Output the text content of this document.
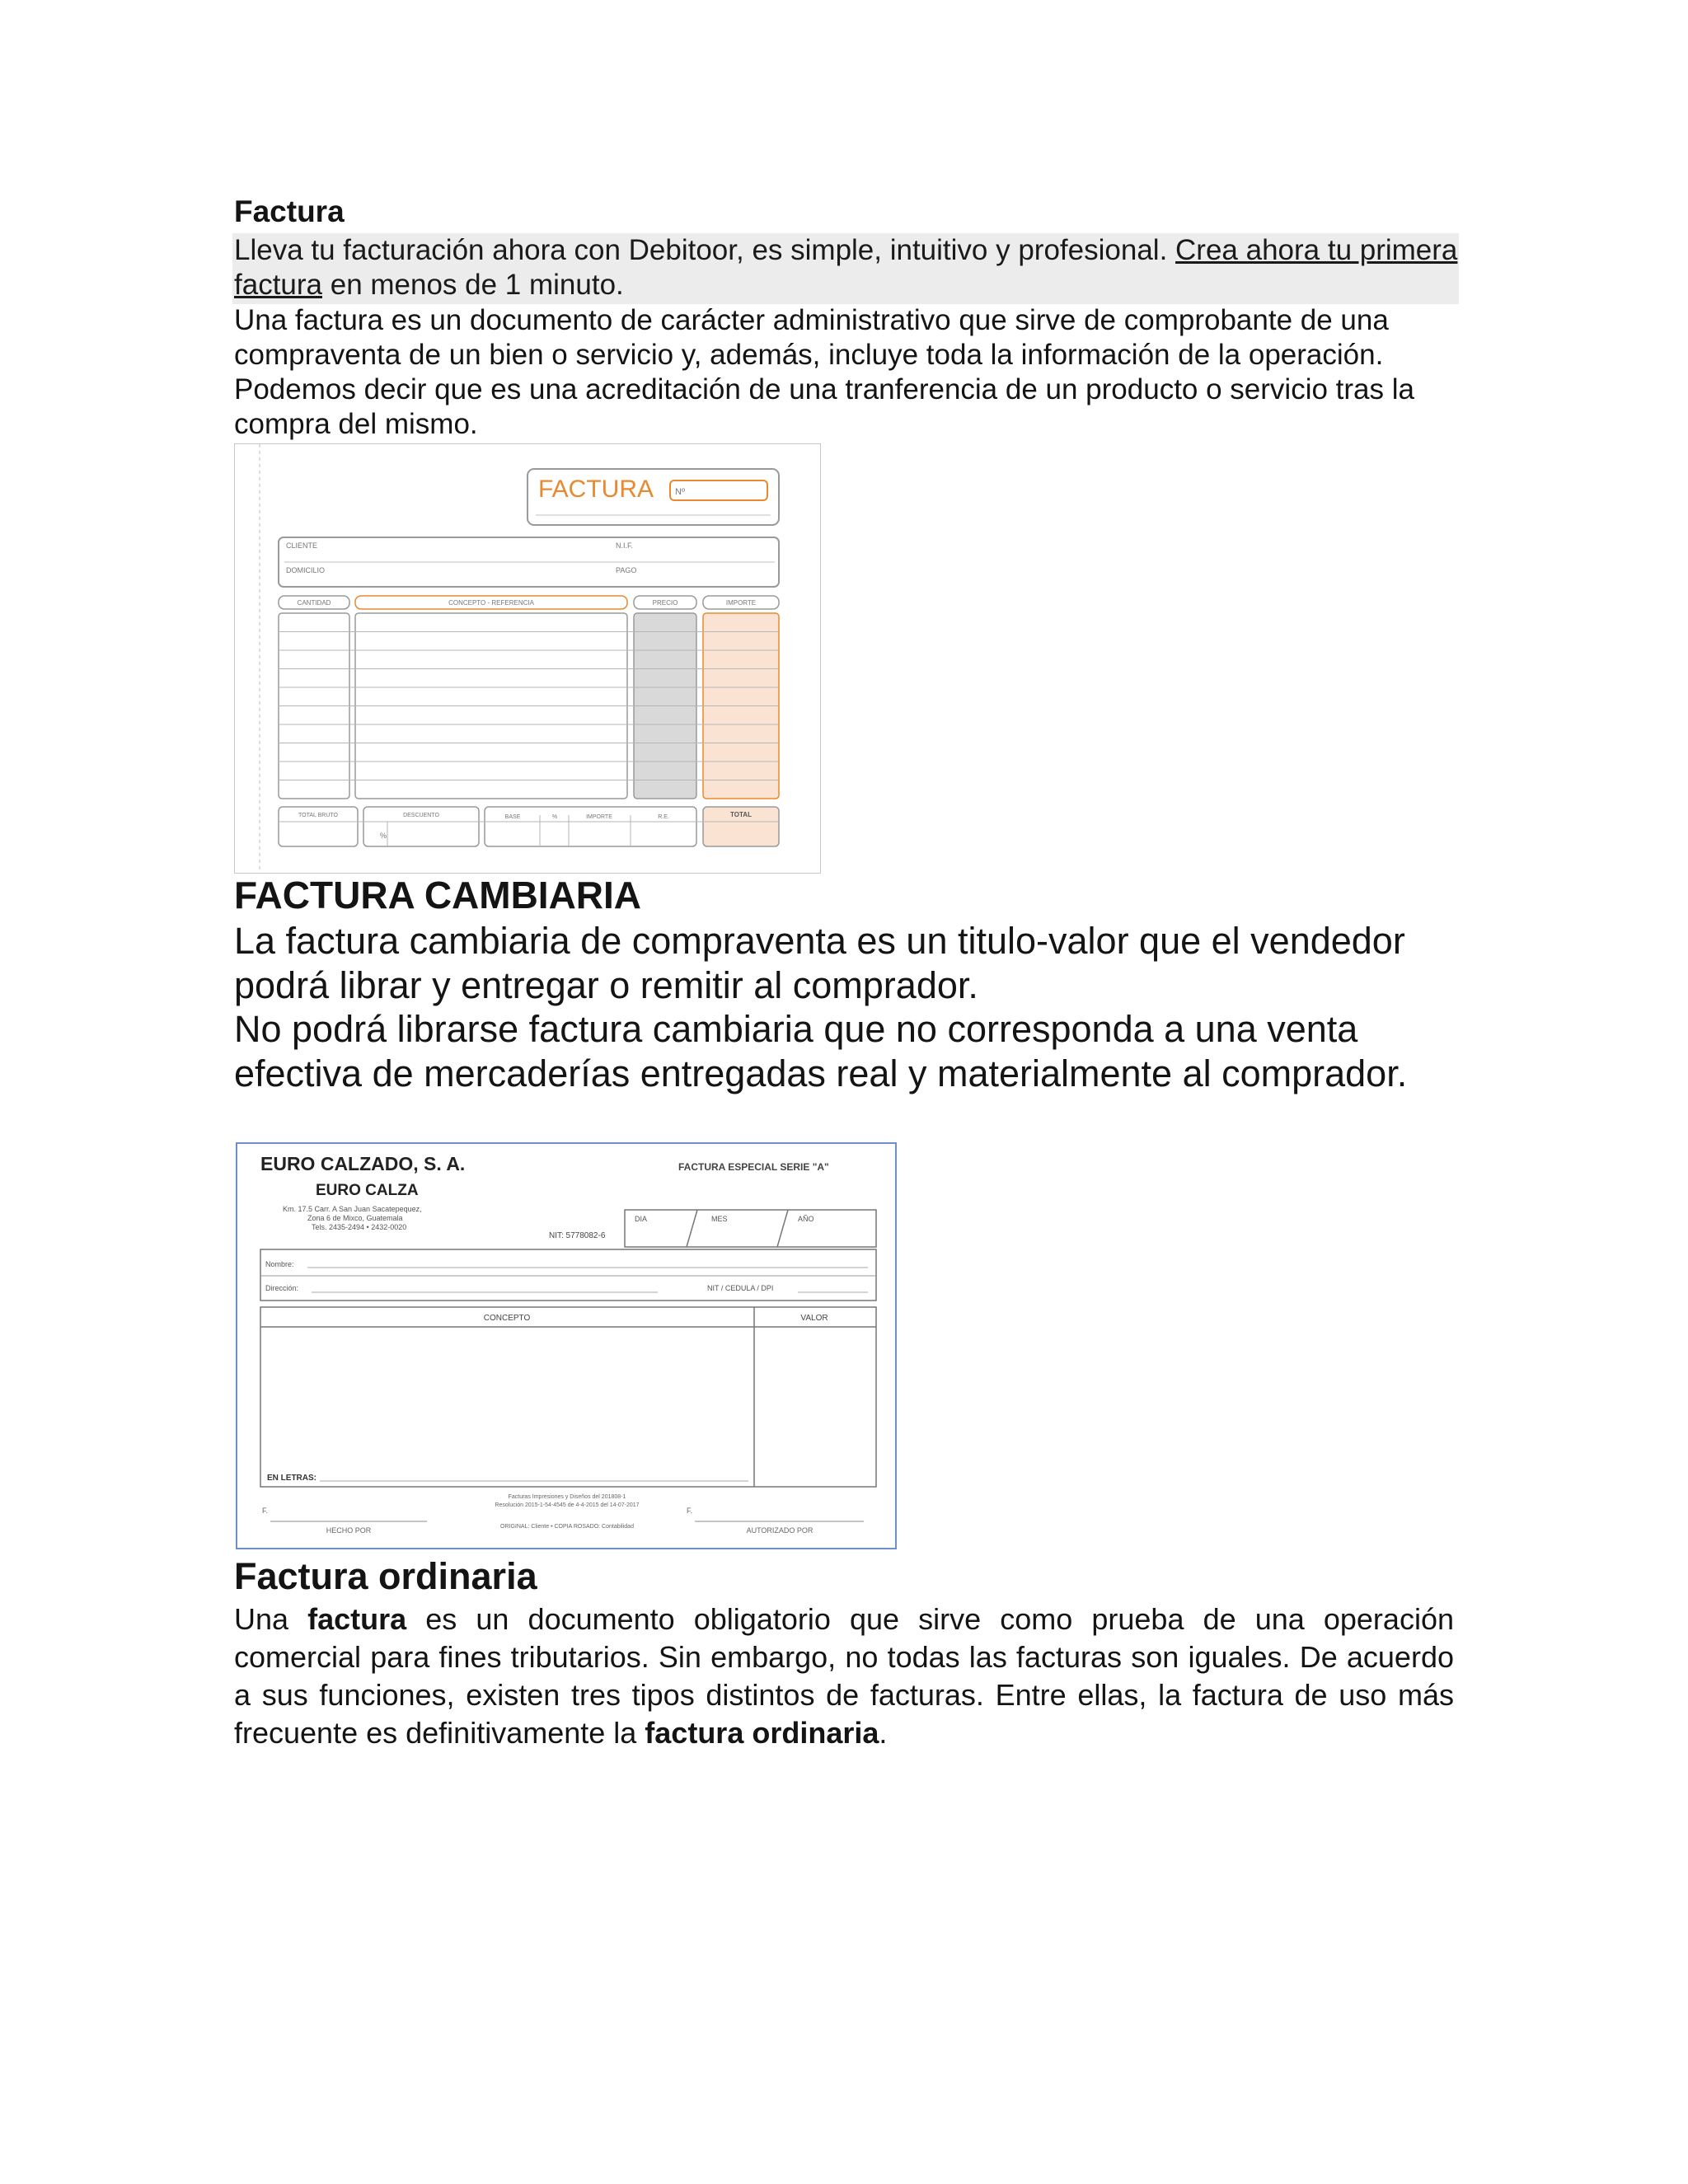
Factura

Lleva tu facturación ahora con Debitoor, es simple, intuitivo y profesional. Crea ahora tu primera factura en menos de 1 minuto.

Una factura es un documento de carácter administrativo que sirve de comprobante de una compraventa de un bien o servicio y, además, incluye toda la información de la operación. Podemos decir que es una acreditación de una tranferencia de un producto o servicio tras la compra del mismo.

FACTURA Nº
CLIENTE	N.I.F.
DOMICILIO	PAGO
CANTIDAD	CONCEPTO - REFERENCIA	PRECIO	IMPORTE
TOTAL BRUTO	DESCUENTO	BASE	%	IMPORTE	R.E.	TOTAL
%
FACTURA CAMBIARIA

La factura cambiaria de compraventa es un titulo-valor que el vendedor podrá librar y entregar o remitir al comprador.

No podrá librarse factura cambiaria que no corresponda a una venta efectiva de mercaderías entregadas real y materialmente al comprador.

EURO CALZADO, S. A.
EURO CALZA
Km. 17.5 Carr. A San Juan Sacatepequez,
Zona 6 de Mixco, Guatemala
Tels. 2435-2494 • 2432-0020
NIT: 5778082-6
FACTURA ESPECIAL SERIE "A"
DIA	MES	AÑO
Nombre:
Dirección:	NIT / CEDULA / DPI
CONCEPTO	VALOR
EN LETRAS:
Facturas Impresiones y Diseños del 201808-1
Resolución 2015-1-54-4545 de 4-4-2015 del 14-07-2017
F.
HECHO POR	ORIGINAL: Cliente • COPIA ROSADO: Contabilidad
F.
AUTORIZADO POR
Factura ordinaria

Una factura es un documento obligatorio que sirve como prueba de una operación comercial para fines tributarios. Sin embargo, no todas las facturas son iguales. De acuerdo a sus funciones, existen tres tipos distintos de facturas. Entre ellas, la factura de uso más frecuente es definitivamente la factura ordinaria.
